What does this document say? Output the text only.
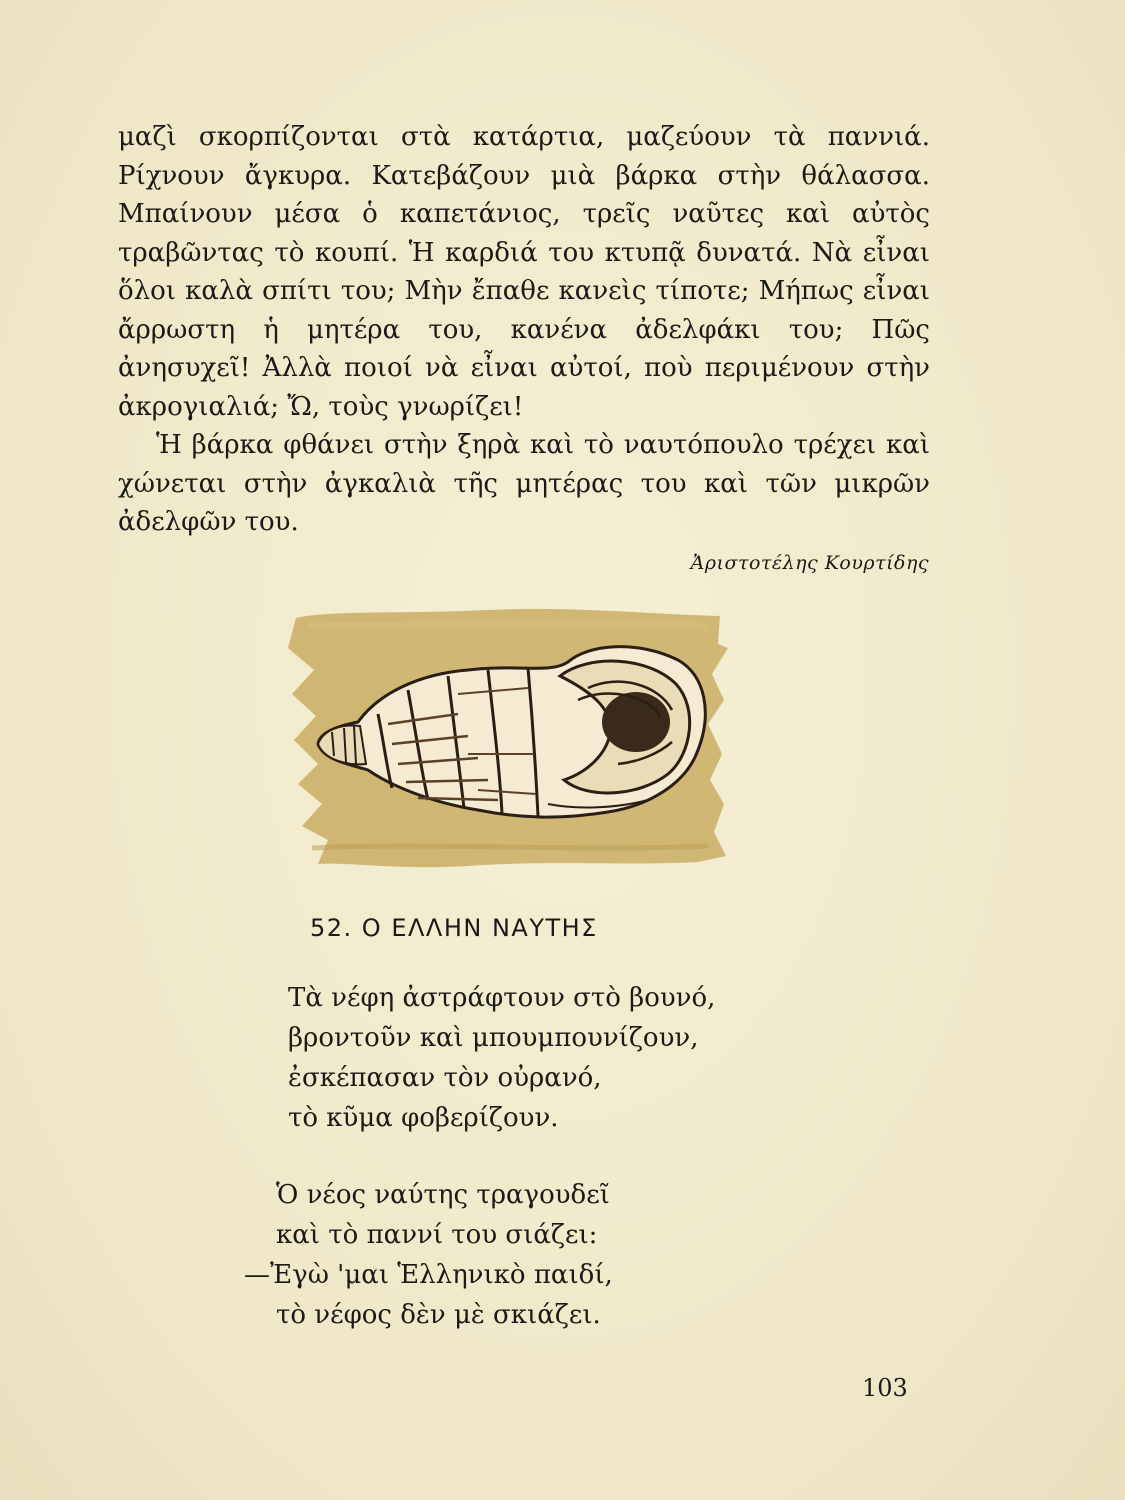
μαζὶ σκορπίζονται στὰ κατάρτια, μαζεύουν τὰ παννιά. Ρίχνουν ἄγκυρα. Κατεβάζουν μιὰ βάρκα στὴν θάλασσα. Μπαίνουν μέσα ὁ καπετάνιος, τρεῖς ναῦτες καὶ αὐτὸς τραβῶντας τὸ κουπί. Ἡ καρδιά του κτυπᾷ δυνατά. Νὰ εἶναι ὅλοι καλὰ σπίτι του; Μὴν ἔπαθε κανεὶς τίποτε; Μήπως εἶναι ἄρρωστη ἡ μητέρα του, κανένα ἀδελφάκι του; Πῶς ἀνησυχεῖ! Ἀλλὰ ποιοί νὰ εἶναι αὐτοί, ποὺ περιμένουν στὴν ἀκρογιαλιά; Ὤ, τοὺς γνωρίζει!

Ἡ βάρκα φθάνει στὴν ξηρὰ καὶ τὸ ναυτόπουλο τρέχει καὶ χώνεται στὴν ἀγκαλιὰ τῆς μητέρας του καὶ τῶν μικρῶν ἀδελφῶν του.

Ἀριστοτέλης Κουρτίδης
52. Ο ΕΛΛΗΝ ΝΑΥΤΗΣ
Τὰ νέφη ἀστράφτουν στὸ βουνό,
βροντοῦν καὶ μπουμπουνίζουν,
ἐσκέπασαν τὸν οὐρανό,
τὸ κῦμα φοβερίζουν.
Ὁ νέος ναύτης τραγουδεῖ
καὶ τὸ παννί του σιάζει:
—Ἐγὼ 'μαι Ἑλληνικὸ παιδί,
τὸ νέφος δὲν μὲ σκιάζει.
103
